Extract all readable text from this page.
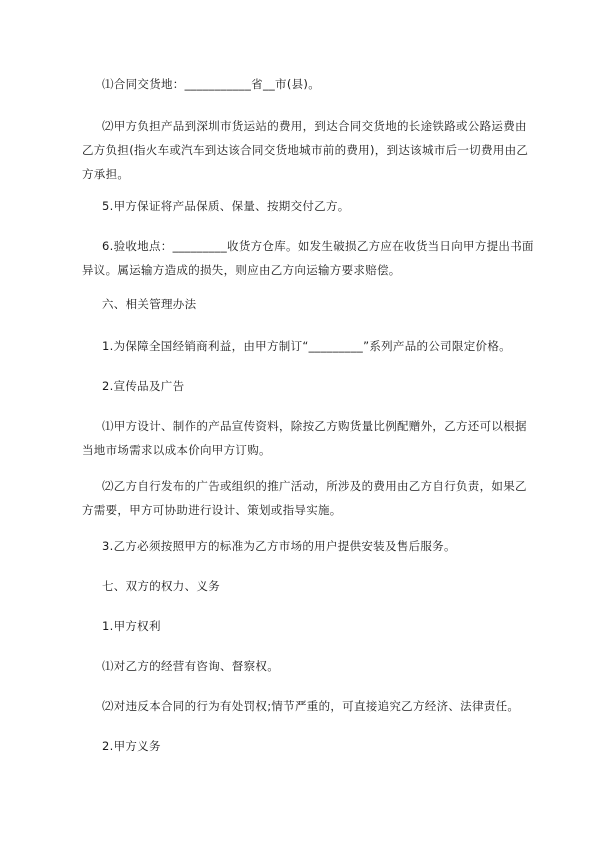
⑴合同交货地：___________省__市(县)。

⑵甲方负担产品到深圳市货运站的费用，到达合同交货地的长途铁路或公路运费由乙方负担(指火车或汽车到达该合同交货地城市前的费用)，到达该城市后一切费用由乙方承担。

5.甲方保证将产品保质、保量、按期交付乙方。

6.验收地点：_________收货方仓库。如发生破损乙方应在收货当日向甲方提出书面异议。属运输方造成的损失，则应由乙方向运输方要求赔偿。

六、相关管理办法

1.为保障全国经销商利益，由甲方制订“_________”系列产品的公司限定价格。

2.宣传品及广告

⑴甲方设计、制作的产品宣传资料，除按乙方购货量比例配赠外，乙方还可以根据当地市场需求以成本价向甲方订购。

⑵乙方自行发布的广告或组织的推广活动，所涉及的费用由乙方自行负责，如果乙方需要，甲方可协助进行设计、策划或指导实施。

3.乙方必须按照甲方的标准为乙方市场的用户提供安装及售后服务。

七、双方的权力、义务

1.甲方权利

⑴对乙方的经营有咨询、督察权。

⑵对违反本合同的行为有处罚权;情节严重的，可直接追究乙方经济、法律责任。

2.甲方义务
